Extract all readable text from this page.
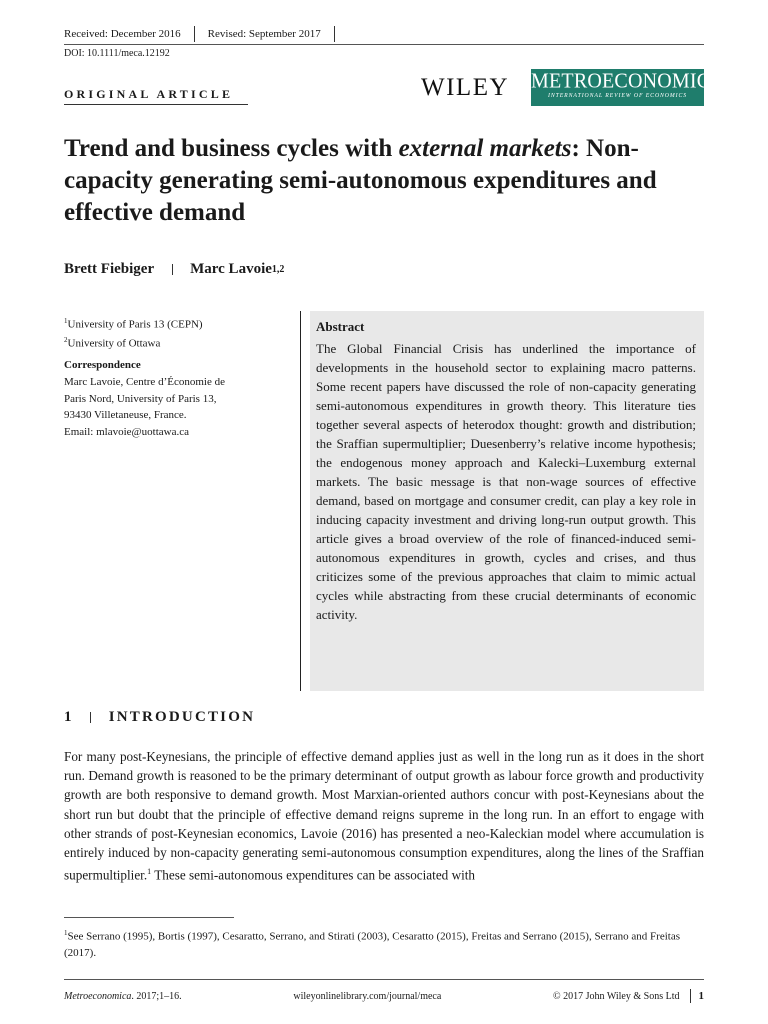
Received: December 2016 Revised: September 2017
DOI: 10.1111/meca.12192
ORIGINAL ARTICLE	WILEY METROECONOMICA
INTERNATIONAL REVIEW OF ECONOMICS
Trend and business cycles with external markets: Non-capacity generating semi-autonomous expenditures and effective demand
Brett Fiebiger Marc Lavoie 1,2
$^1$University of Paris 13 (CEPN)
$^2$University of Ottawa
Correspondence
Marc Lavoie, Centre d’Économie de
Paris Nord, University of Paris 13,
93430 Villetaneuse, France.
Email: mlavoie@uottawa.ca
Abstract
The Global Financial Crisis has underlined the importance of developments in the household sector to explaining macro patterns. Some recent papers have discussed the role of non-capacity generating semi-autonomous expenditures in growth theory. This literature ties together several aspects of heterodox thought: growth and distribution; the Sraffian supermultiplier; Duesenberry’s relative income hypothesis; the endogenous money approach and Kalecki–Luxemburg external markets. The basic message is that non-wage sources of effective demand, based on mortgage and consumer credit, can play a key role in inducing capacity investment and driving long-run output growth. This article gives a broad overview of the role of financed-induced semi-autonomous expenditures in growth, cycles and crises, and thus criticizes some of the previous approaches that claim to mimic actual cycles while abstracting from these crucial determinants of economic activity.
1 INTRODUCTION
For many post-Keynesians, the principle of effective demand applies just as well in the long run as it does in the short run. Demand growth is reasoned to be the primary determinant of output growth as labour force growth and productivity growth are both responsive to demand growth. Most Marxian-oriented authors concur with post-Keynesians about the short run but doubt that the principle of effective demand reigns supreme in the long run. In an effort to engage with other strands of post-Keynesian economics, Lavoie (2016) has presented a neo-Kaleckian model where accumulation is entirely induced by non-capacity generating semi-autonomous consumption expenditures, along the lines of the Sraffian supermultiplier.$^1$ These semi-autonomous expenditures can be associated with
$^1$See Serrano (1995), Bortis (1997), Cesaratto, Serrano, and Stirati (2003), Cesaratto (2015), Freitas and Serrano (2015), Serrano and Freitas (2017).
Metroeconomica. 2017;1–16.	wileyonlinelibrary.com/journal/meca	© 2017 John Wiley & Sons Ltd 1
